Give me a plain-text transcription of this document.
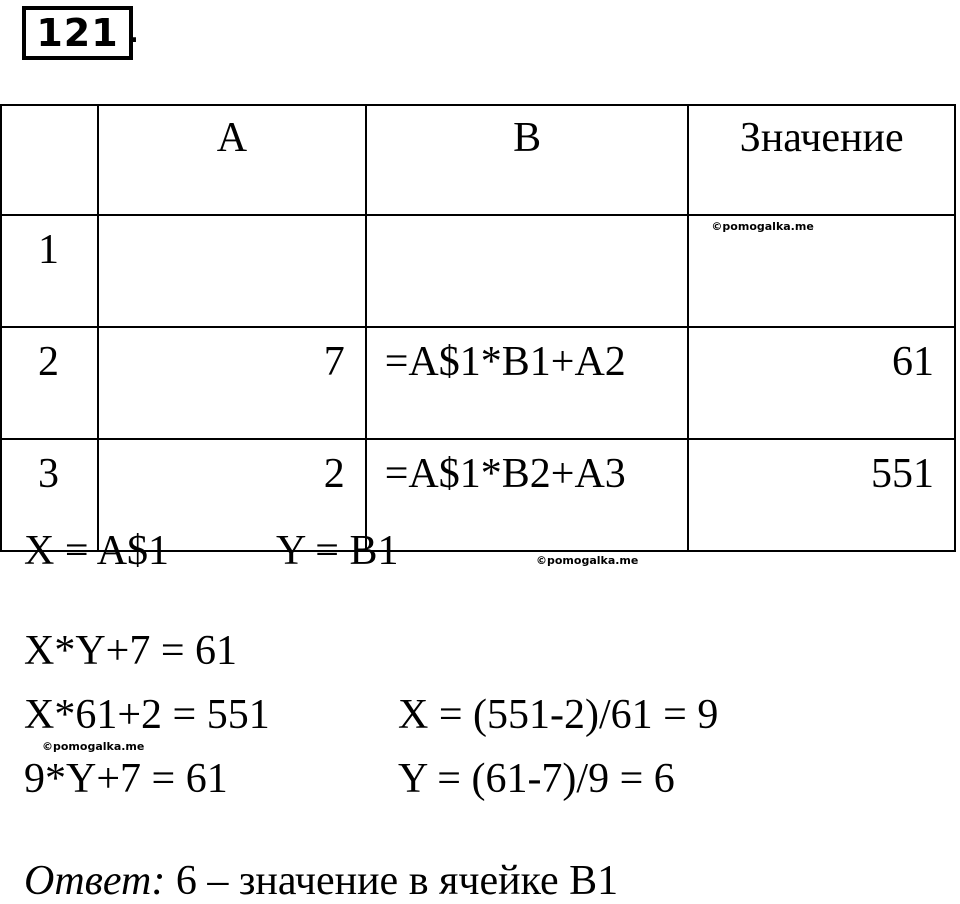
121 .
	A	B	Значение
1			©pomogalka.me

2	7	=A$1*B1+A2	61
3	2	=A$1*B2+A3	551
X = A$1	Y = B1	©pomogalka.me
X*Y+7 = 61
X*61+2 = 551	X = (551-2)/61 = 9
©pomogalka.me
9*Y+7 = 61	Y = (61-7)/9 = 6
Ответ: 6 – значение в ячейке B1
